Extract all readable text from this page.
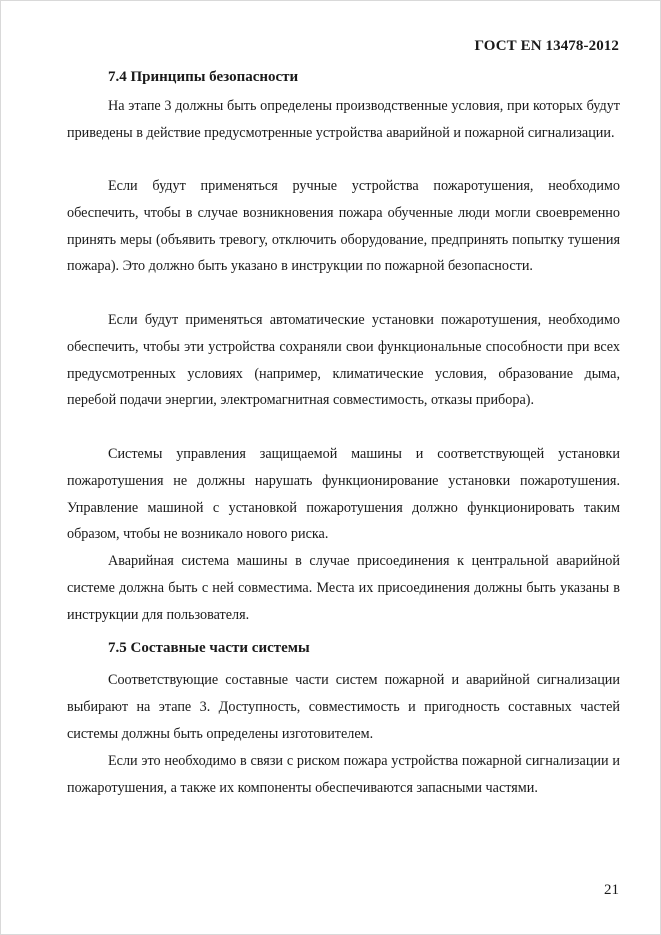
ГОСТ EN 13478-2012
7.4 Принципы безопасности

На этапе 3 должны быть определены производственные условия, при которых будут приведены в действие предусмотренные устройства аварийной и пожарной сигнализации.

Если будут применяться ручные устройства пожаротушения, необходимо обеспечить, чтобы в случае возникновения пожара обученные люди могли своевременно принять меры (объявить тревогу, отключить оборудование, предпринять попытку тушения пожара). Это должно быть указано в инструкции по пожарной безопасности.

Если будут применяться автоматические установки пожаротушения, необходимо обеспечить, чтобы эти устройства сохраняли свои функциональные способности при всех предусмотренных условиях (например, климатические условия, образование дыма, перебой подачи энергии, электромагнитная совместимость, отказы прибора).

Системы управления защищаемой машины и соответствующей установки пожаротушения не должны нарушать функционирование установки пожаротушения. Управление машиной с установкой пожаротушения должно функционировать таким образом, чтобы не возникало нового риска.

Аварийная система машины в случае присоединения к центральной аварийной системе должна быть с ней совместима. Места их присоединения должны быть указаны в инструкции для пользователя.

7.5 Составные части системы

Соответствующие составные части систем пожарной и аварийной сигнализации выбирают на этапе 3. Доступность, совместимость и пригодность составных частей системы должны быть определены изготовителем.

Если это необходимо в связи с риском пожара устройства пожарной сигнализации и пожаротушения, а также их компоненты обеспечиваются запасными частями.

21
